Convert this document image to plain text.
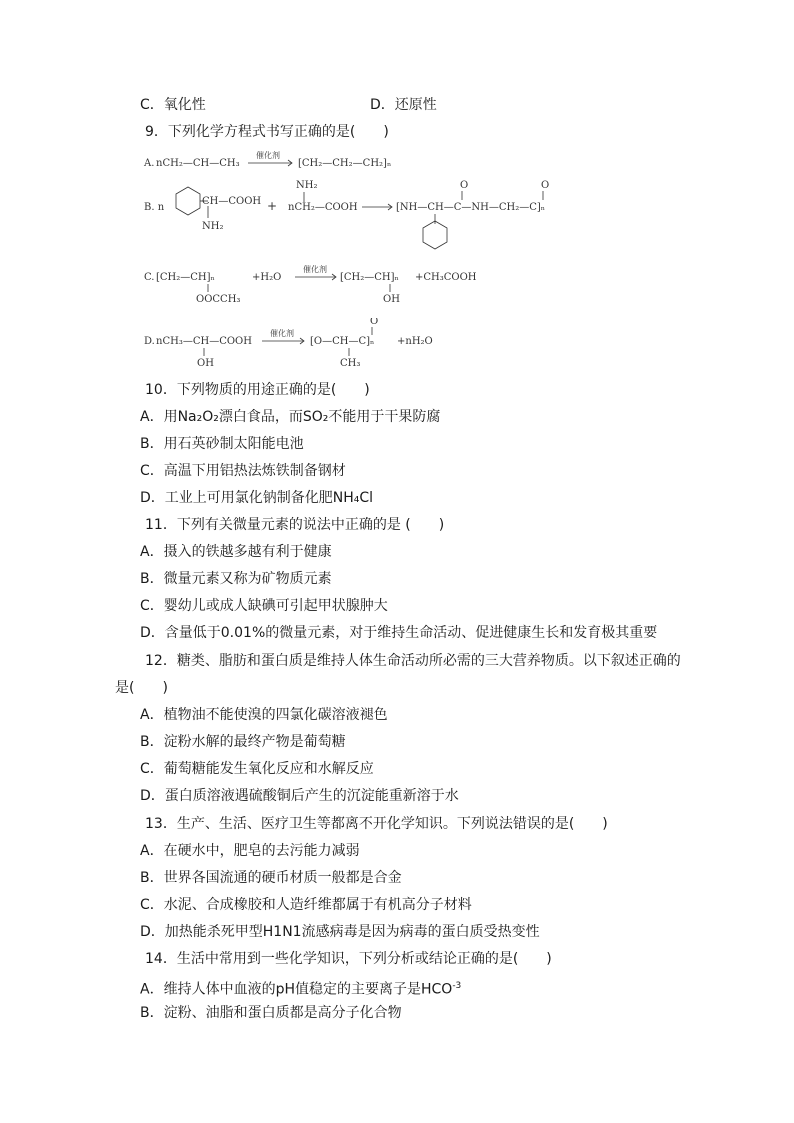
C．氧化性	D．还原性
9．下列化学方程式书写正确的是(　　)
A. nCH₂—CH—CH₃
催化剂
[CH₂—CH₂—CH₂]ₙ
B. n
CH—COOH
NH₂
+
NH₂
nCH₂—COOH	[NH—CH—C—NH—CH₂—C]ₙ
O	O
C. [CH₂—CH]ₙ
OOCCH₃
+H₂O
催化剂
[CH₂—CH]ₙ
OH
+CH₃COOH
D. nCH₃—CH—COOH
OH
催化剂
[O—CH—C]ₙ
O
CH₃
+nH₂O
10．下列物质的用途正确的是(　　)
A．用Na₂O₂漂白食品，而SO₂不能用于干果防腐
B．用石英砂制太阳能电池
C．高温下用铝热法炼铁制备钢材
D．工业上可用氯化钠制备化肥NH₄Cl
11．下列有关微量元素的说法中正确的是 (　　)
A．摄入的铁越多越有利于健康
B．微量元素又称为矿物质元素
C．婴幼儿或成人缺碘可引起甲状腺肿大
D．含量低于0.01%的微量元素，对于维持生命活动、促进健康生长和发育极其重要
12．糖类、脂肪和蛋白质是维持人体生命活动所必需的三大营养物质。以下叙述正确的
是(　　)
A．植物油不能使溴的四氯化碳溶液褪色
B．淀粉水解的最终产物是葡萄糖
C．葡萄糖能发生氧化反应和水解反应
D．蛋白质溶液遇硫酸铜后产生的沉淀能重新溶于水
13．生产、生活、医疗卫生等都离不开化学知识。下列说法错误的是(　　)
A．在硬水中，肥皂的去污能力减弱
B．世界各国流通的硬币材质一般都是合金
C．水泥、合成橡胶和人造纤维都属于有机高分子材料
D．加热能杀死甲型H1N1流感病毒是因为病毒的蛋白质受热变性
14．生活中常用到一些化学知识，下列分析或结论正确的是(　　)
A．维持人体中血液的pH值稳定的主要离子是$HCO^{-3}$
B．淀粉、油脂和蛋白质都是高分子化合物
